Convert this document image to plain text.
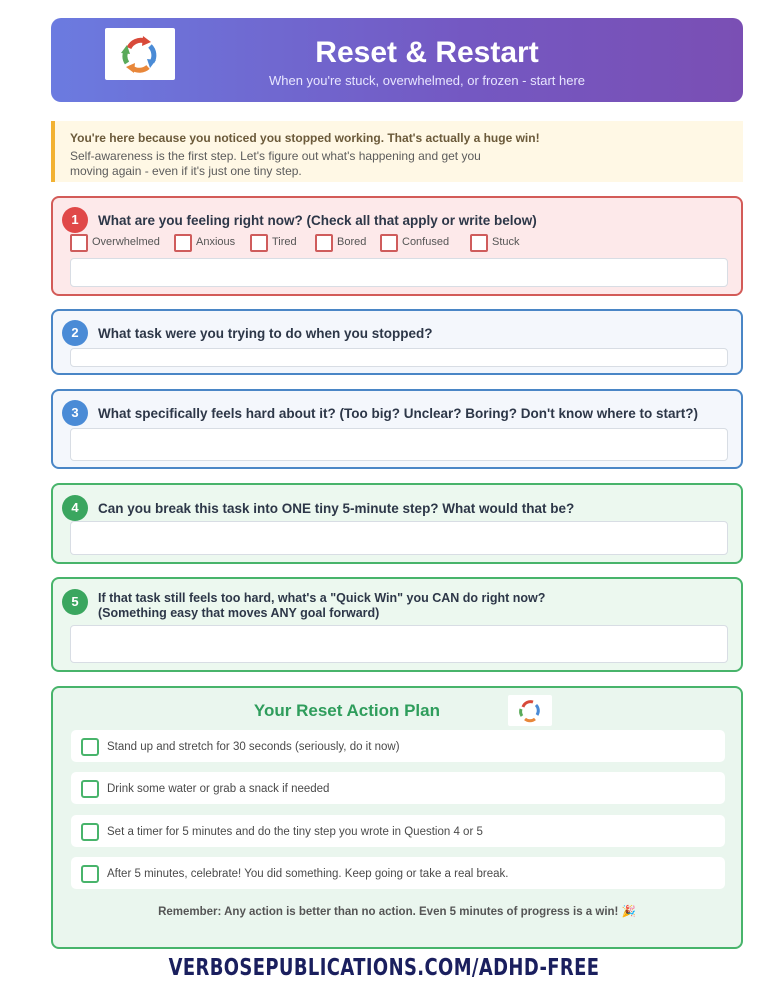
Reset & Restart
When you're stuck, overwhelmed, or frozen - start here
You're here because you noticed you stopped working. That's actually a huge win!
Self-awareness is the first step. Let's figure out what's happening and get you moving again - even if it's just one tiny step.
1	What are you feeling right now? (Check all that apply or write below)
Overwhelmed	Anxious	Tired	Bored	Confused	Stuck
2	What task were you trying to do when you stopped?
3	What specifically feels hard about it? (Too big? Unclear? Boring? Don't know where to start?)
4	Can you break this task into ONE tiny 5-minute step? What would that be?
5	If that task still feels too hard, what's a "Quick Win" you CAN do right now?
(Something easy that moves ANY goal forward)
Your Reset Action Plan
Stand up and stretch for 30 seconds (seriously, do it now)
Drink some water or grab a snack if needed
Set a timer for 5 minutes and do the tiny step you wrote in Question 4 or 5
After 5 minutes, celebrate! You did something. Keep going or take a real break.
Remember: Any action is better than no action. Even 5 minutes of progress is a win! 🎉
VERBOSEPUBLICATIONS.COM/ADHD-FREE
